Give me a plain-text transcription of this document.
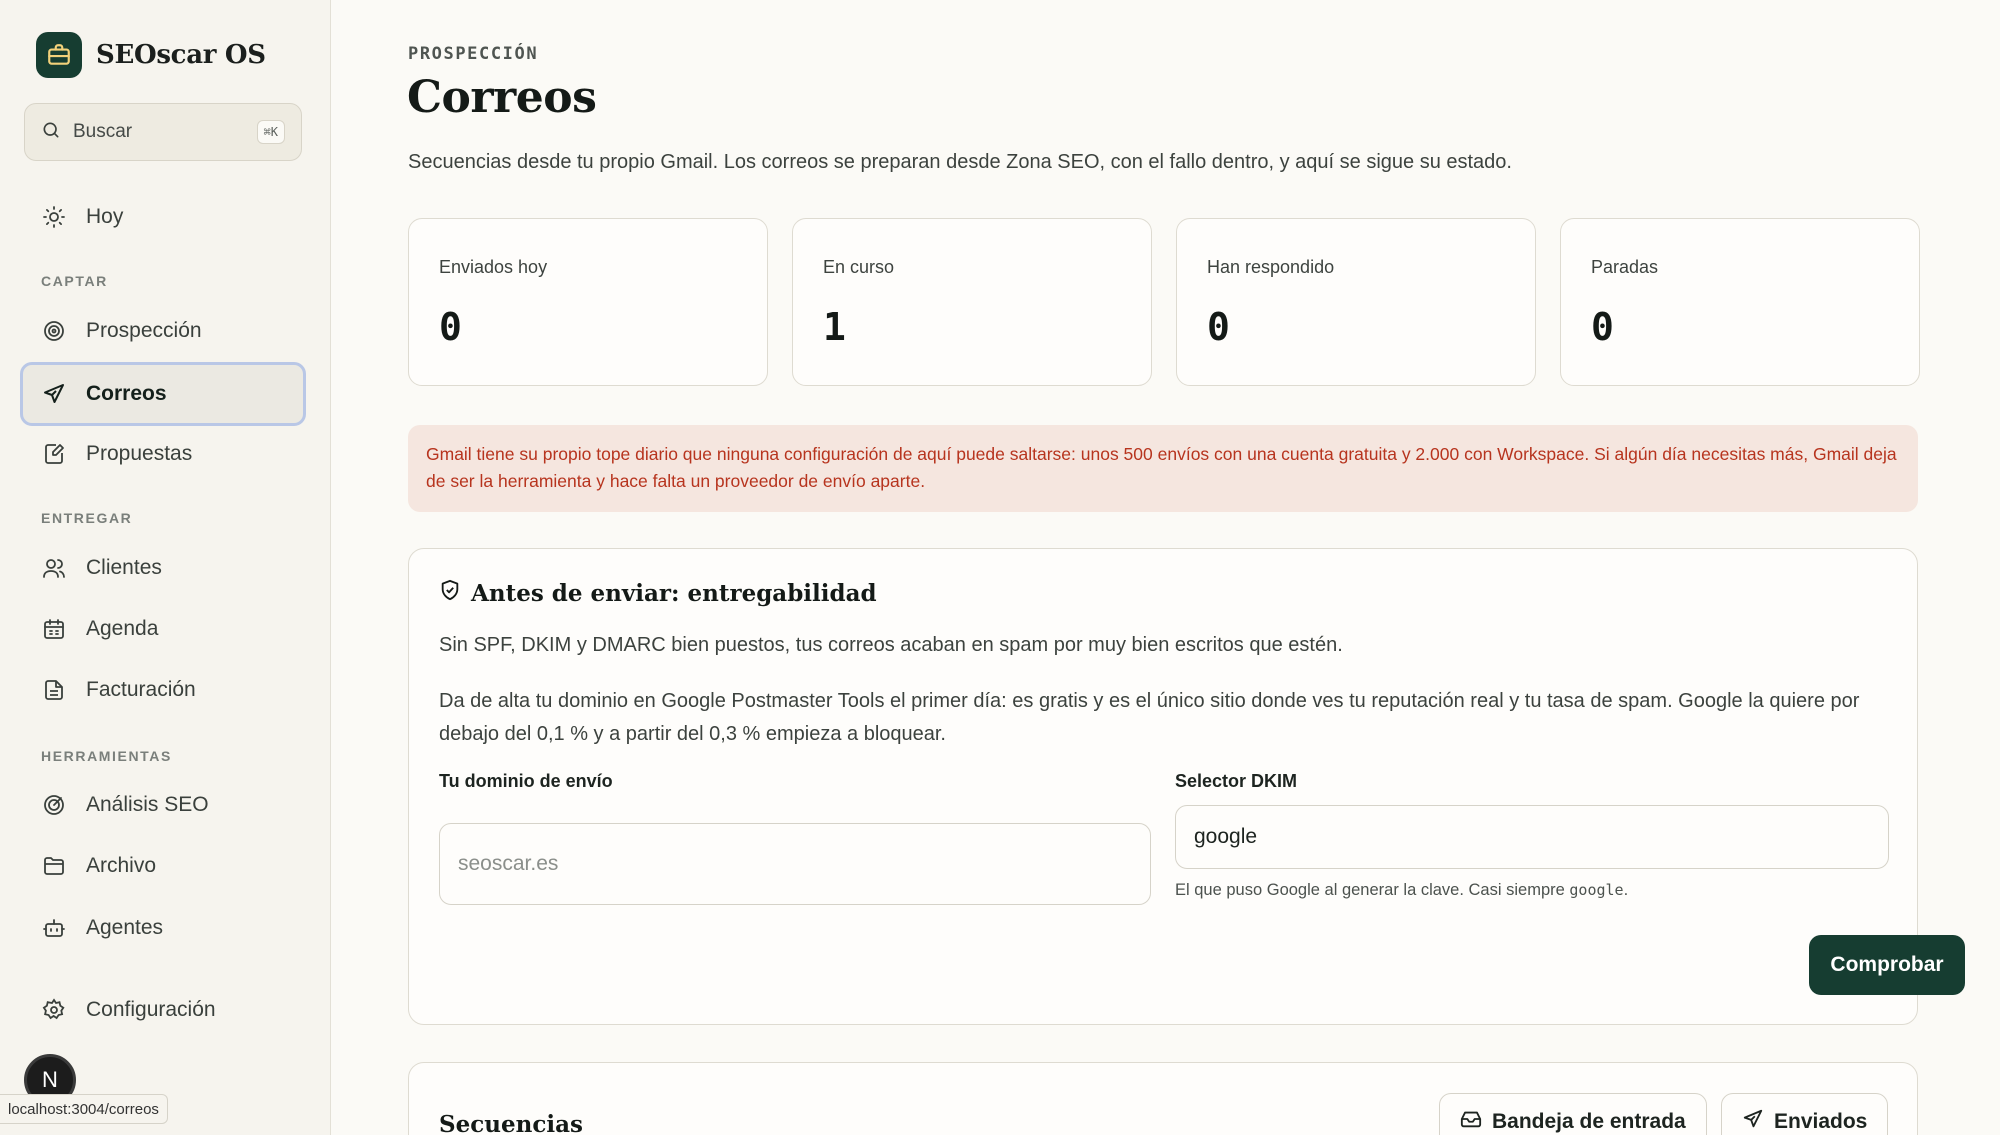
SEOscar OS
Buscar	⌘K
Hoy
CAPTAR
Prospección
Correos
Propuestas
ENTREGAR
Clientes
Agenda
Facturación
HERRAMIENTAS
Análisis SEO
Archivo
Agentes
Configuración
N
localhost:3004/correos
PROSPECCIÓN
Correos

Secuencias desde tu propio Gmail. Los correos se preparan desde Zona SEO, con el fallo dentro, y aquí se sigue su estado.

Enviados hoy
0
En curso
1
Han respondido
0
Paradas
0
Gmail tiene su propio tope diario que ninguna configuración de aquí puede saltarse: unos 500 envíos con una cuenta gratuita y 2.000 con Workspace. Si algún día necesitas más, Gmail deja de ser la herramienta y hace falta un proveedor de envío aparte.
Antes de enviar: entregabilidad

Sin SPF, DKIM y DMARC bien puestos, tus correos acaban en spam por muy bien escritos que estén.

Da de alta tu dominio en Google Postmaster Tools el primer día: es gratis y es el único sitio donde ves tu reputación real y tu tasa de spam. Google la quiere por debajo del 0,1 % y a partir del 0,3 % empieza a bloquear.

Tu dominio de envío
seoscar.es	Selector DKIM
google
El que puso Google al generar la clave. Casi siempre google.
Comprobar
Secuencias	Bandeja de entrada	Enviados
